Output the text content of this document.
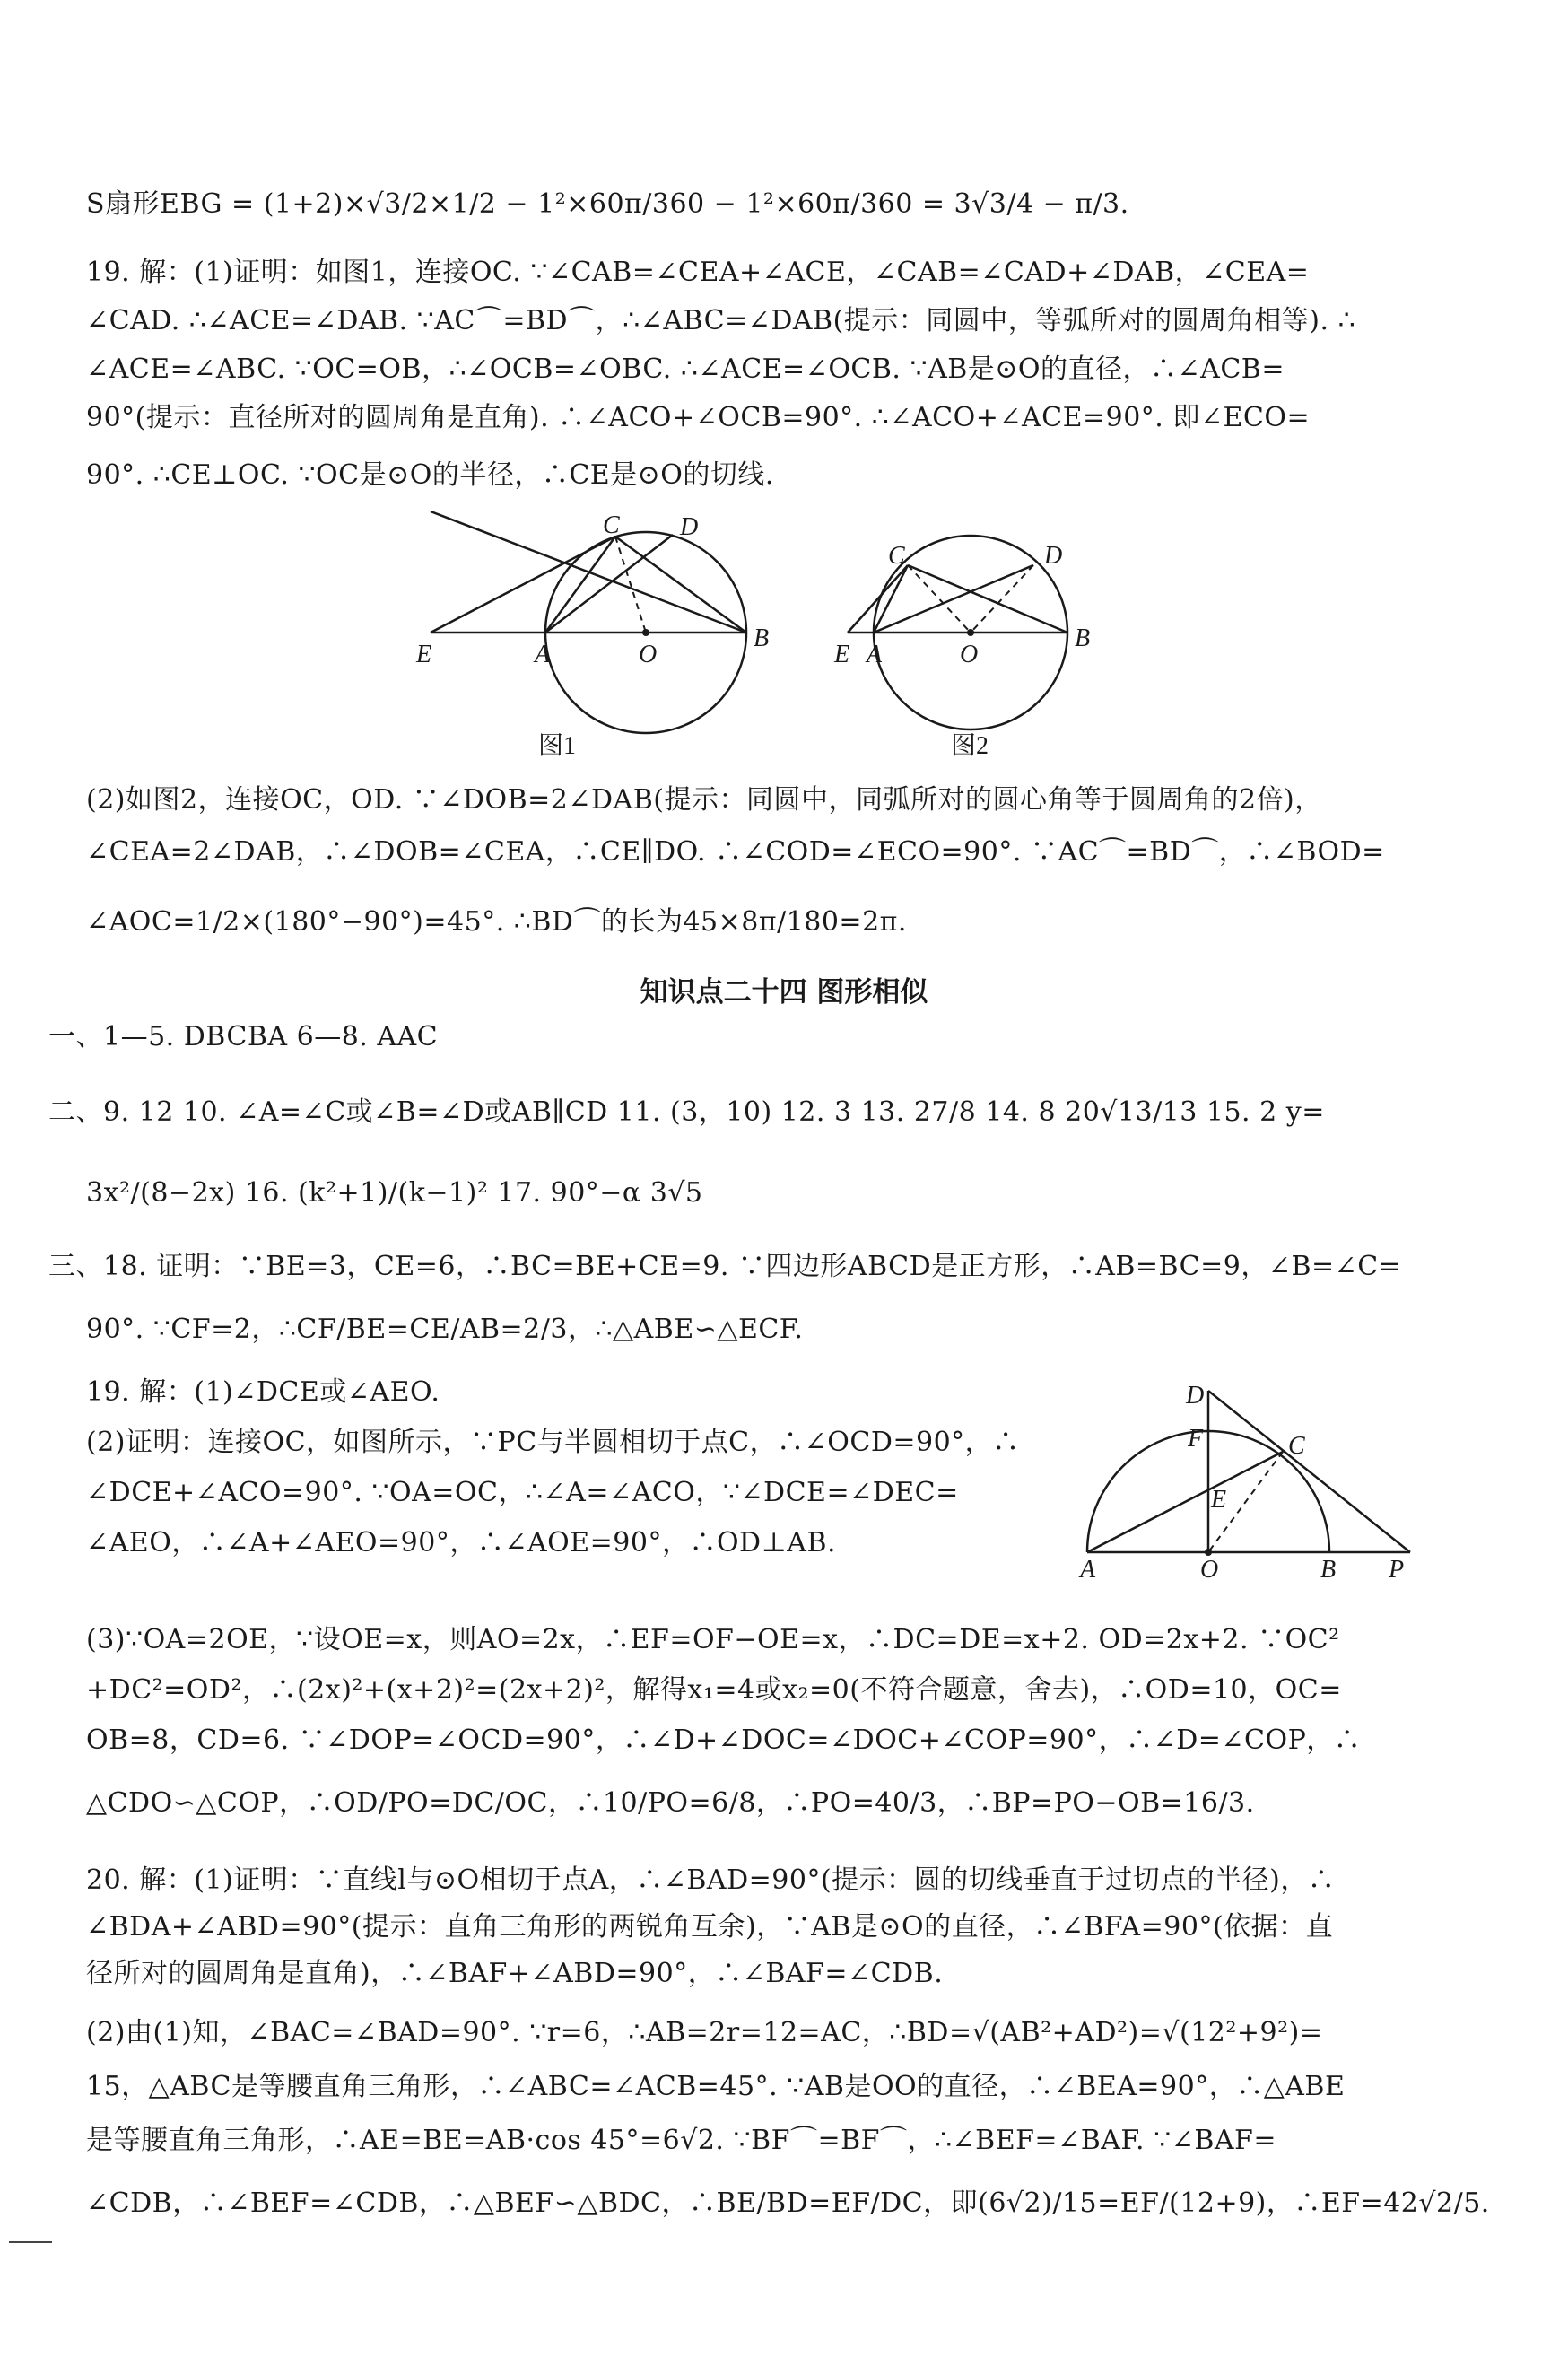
S扇形EBG = (1+2)×√3/2×1/2 − 1²×60π/360 − 1²×60π/360 = 3√3/4 − π/3.
19. 解：(1)证明：如图1，连接OC. ∵∠CAB=∠CEA+∠ACE，∠CAB=∠CAD+∠DAB，∠CEA=
∠CAD. ∴∠ACE=∠DAB. ∵AC⌒=BD⌒，∴∠ABC=∠DAB(提示：同圆中，等弧所对的圆周角相等). ∴
∠ACE=∠ABC. ∵OC=OB，∴∠OCB=∠OBC. ∴∠ACE=∠OCB. ∵AB是⊙O的直径，∴∠ACB=
90°(提示：直径所对的圆周角是直角). ∴∠ACO+∠OCB=90°. ∴∠ACO+∠ACE=90°. 即∠ECO=
90°. ∴CE⊥OC. ∵OC是⊙O的半径，∴CE是⊙O的切线.
C D
E	A	O
B
图1
C	D
E A	O
B
图2
(2)如图2，连接OC，OD. ∵∠DOB=2∠DAB(提示：同圆中，同弧所对的圆心角等于圆周角的2倍)，
∠CEA=2∠DAB，∴∠DOB=∠CEA，∴CE∥DO. ∴∠COD=∠ECO=90°. ∵AC⌒=BD⌒，∴∠BOD=
∠AOC=1/2×(180°−90°)=45°. ∴BD⌒的长为45×8π/180=2π.
知识点二十四 图形相似
一、1—5. DBCBA 6—8. AAC
二、9. 12 10. ∠A=∠C或∠B=∠D或AB∥CD 11. (3，10) 12. 3 13. 27/8 14. 8 20√13/13 15. 2 y=
3x²/(8−2x) 16. (k²+1)/(k−1)² 17. 90°−α 3√5
三、18. 证明：∵BE=3，CE=6，∴BC=BE+CE=9. ∵四边形ABCD是正方形，∴AB=BC=9，∠B=∠C=
90°. ∵CF=2，∴CF/BE=CE/AB=2/3，∴△ABE∽△ECF.
19. 解：(1)∠DCE或∠AEO.
(2)证明：连接OC，如图所示，∵PC与半圆相切于点C，∴∠OCD=90°，∴
∠DCE+∠ACO=90°. ∵OA=OC，∴∠A=∠ACO，∵∠DCE=∠DEC=
∠AEO，∴∠A+∠AEO=90°，∴∠AOE=90°，∴OD⊥AB.
D
F	C
E
A	O	B P
(3)∵OA=2OE，∵设OE=x，则AO=2x，∴EF=OF−OE=x，∴DC=DE=x+2. OD=2x+2. ∵OC²
+DC²=OD²，∴(2x)²+(x+2)²=(2x+2)²，解得x₁=4或x₂=0(不符合题意，舍去)，∴OD=10，OC=
OB=8，CD=6. ∵∠DOP=∠OCD=90°，∴∠D+∠DOC=∠DOC+∠COP=90°，∴∠D=∠COP，∴
△CDO∽△COP，∴OD/PO=DC/OC，∴10/PO=6/8，∴PO=40/3，∴BP=PO−OB=16/3.
20. 解：(1)证明：∵直线l与⊙O相切于点A，∴∠BAD=90°(提示：圆的切线垂直于过切点的半径)，∴
∠BDA+∠ABD=90°(提示：直角三角形的两锐角互余)，∵AB是⊙O的直径，∴∠BFA=90°(依据：直
径所对的圆周角是直角)，∴∠BAF+∠ABD=90°，∴∠BAF=∠CDB.
(2)由(1)知，∠BAC=∠BAD=90°. ∵r=6，∴AB=2r=12=AC，∴BD=√(AB²+AD²)=√(12²+9²)=
15，△ABC是等腰直角三角形，∴∠ABC=∠ACB=45°. ∵AB是OO的直径，∴∠BEA=90°，∴△ABE
是等腰直角三角形，∴AE=BE=AB·cos 45°=6√2. ∵BF⌒=BF⌒，∴∠BEF=∠BAF. ∵∠BAF=
∠CDB，∴∠BEF=∠CDB，∴△BEF∽△BDC，∴BE/BD=EF/DC，即(6√2)/15=EF/(12+9)，∴EF=42√2/5.
